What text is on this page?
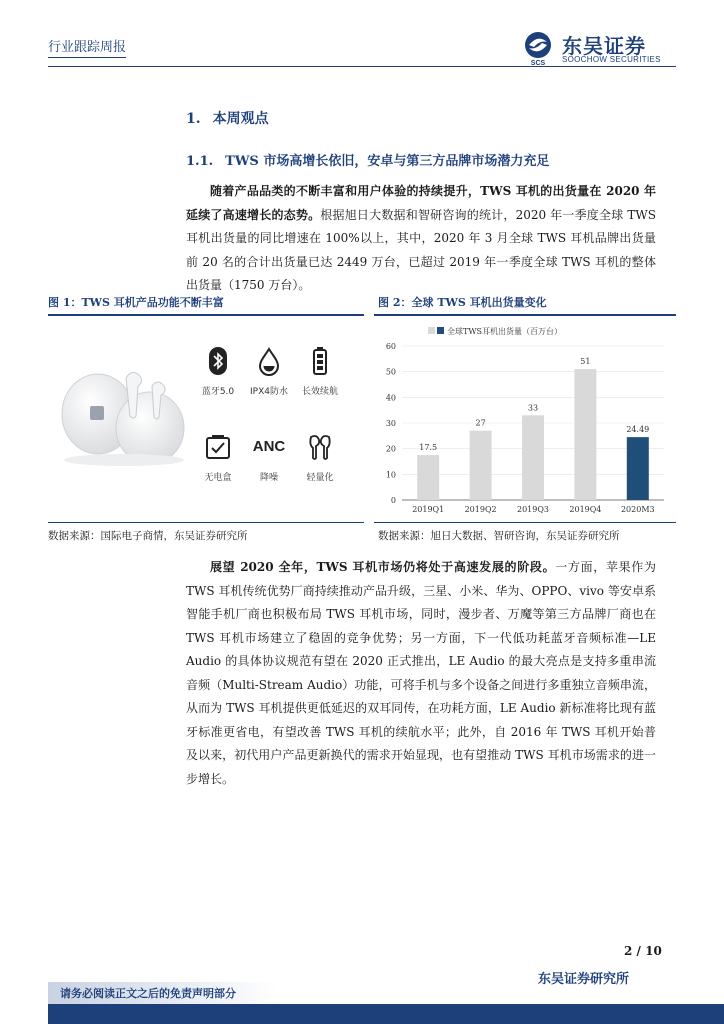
行业跟踪周报
SCS
东吴证券
SOOCHOW SECURITIES
1. 本周观点
1.1. TWS 市场高增长依旧，安卓与第三方品牌市场潜力充足

随着产品品类的不断丰富和用户体验的持续提升，TWS 耳机的出货量在 2020 年延续了高速增长的态势。根据旭日大数据和智研咨询的统计，2020 年一季度全球 TWS 耳机出货量的同比增速在 100%以上，其中，2020 年 3 月全球 TWS 耳机品牌出货量前 20 名的合计出货量已达 2449 万台，已超过 2019 年一季度全球 TWS 耳机的整体出货量（1750 万台）。

图 1：TWS 耳机产品功能不断丰富
蓝牙5.0	IPX4防水	长效续航
无电盒
ANC
降噪	轻量化
数据来源：国际电子商情，东吴证券研究所
图 2：全球 TWS 耳机出货量变化
全球TWS耳机出货量（百万台）
0
10
20
30
40
50
60
17.5
2019Q1
27
2019Q2
33
2019Q3
51
2019Q4
24.49
2020M3
数据来源：旭日大数据、智研咨询，东吴证券研究所

展望 2020 全年，TWS 耳机市场仍将处于高速发展的阶段。一方面，苹果作为 TWS 耳机传统优势厂商持续推动产品升级，三星、小米、华为、OPPO、vivo 等安卓系智能手机厂商也积极布局 TWS 耳机市场，同时，漫步者、万魔等第三方品牌厂商也在 TWS 耳机市场建立了稳固的竞争优势；另一方面，下一代低功耗蓝牙音频标准—LE Audio 的具体协议规范有望在 2020 正式推出，LE Audio 的最大亮点是支持多重串流音频（Multi-Stream Audio）功能，可将手机与多个设备之间进行多重独立音频串流，从而为 TWS 耳机提供更低延迟的双耳同传，在功耗方面，LE Audio 新标准将比现有蓝牙标准更省电，有望改善 TWS 耳机的续航水平；此外，自 2016 年 TWS 耳机开始普及以来，初代用户产品更新换代的需求开始显现，也有望推动 TWS 耳机市场需求的进一步增长。

2 / 10
东吴证券研究所
请务必阅读正文之后的免责声明部分
